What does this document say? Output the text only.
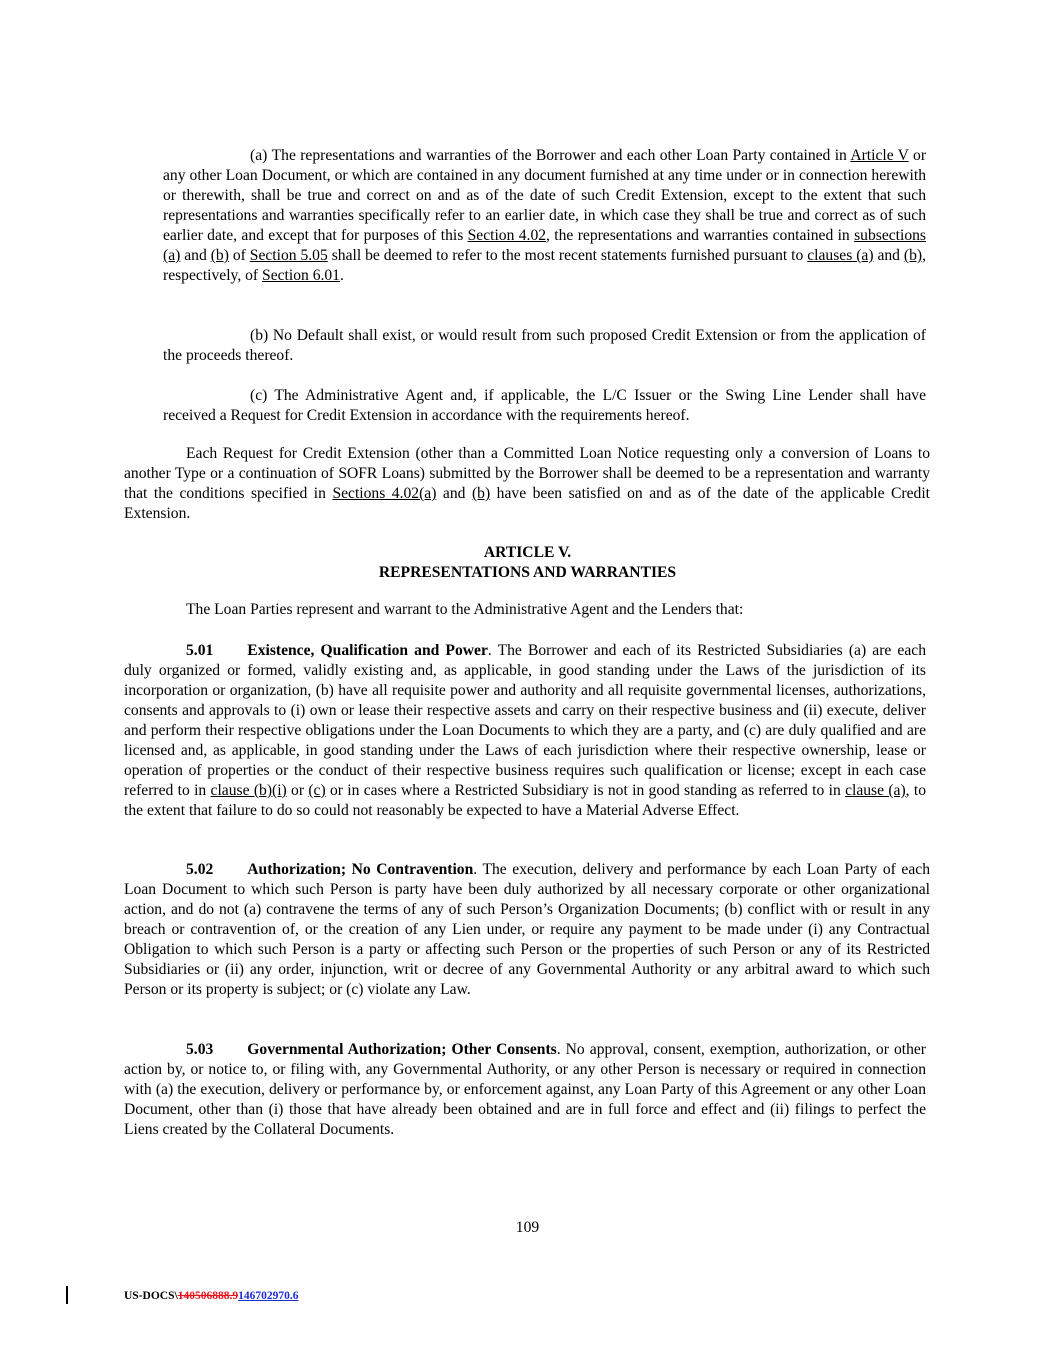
(a) The representations and warranties of the Borrower and each other Loan Party contained in Article V or any other Loan Document, or which are contained in any document furnished at any time under or in connection herewith or therewith, shall be true and correct on and as of the date of such Credit Extension, except to the extent that such representations and warranties specifically refer to an earlier date, in which case they shall be true and correct as of such earlier date, and except that for purposes of this Section 4.02, the representations and warranties contained in subsections (a) and (b) of Section 5.05 shall be deemed to refer to the most recent statements furnished pursuant to clauses (a) and (b), respectively, of Section 6.01.

(b) No Default shall exist, or would result from such proposed Credit Extension or from the application of the proceeds thereof.

(c) The Administrative Agent and, if applicable, the L/C Issuer or the Swing Line Lender shall have received a Request for Credit Extension in accordance with the requirements hereof.

Each Request for Credit Extension (other than a Committed Loan Notice requesting only a conversion of Loans to another Type or a continuation of SOFR Loans) submitted by the Borrower shall be deemed to be a representation and warranty that the conditions specified in Sections 4.02(a) and (b) have been satisfied on and as of the date of the applicable Credit Extension.

ARTICLE V.
REPRESENTATIONS AND WARRANTIES

The Loan Parties represent and warrant to the Administrative Agent and the Lenders that:

5.01 Existence, Qualification and Power. The Borrower and each of its Restricted Subsidiaries (a) are each duly organized or formed, validly existing and, as applicable, in good standing under the Laws of the jurisdiction of its incorporation or organization, (b) have all requisite power and authority and all requisite governmental licenses, authorizations, consents and approvals to (i) own or lease their respective assets and carry on their respective business and (ii) execute, deliver and perform their respective obligations under the Loan Documents to which they are a party, and (c) are duly qualified and are licensed and, as applicable, in good standing under the Laws of each jurisdiction where their respective ownership, lease or operation of properties or the conduct of their respective business requires such qualification or license; except in each case referred to in clause (b)(i) or (c) or in cases where a Restricted Subsidiary is not in good standing as referred to in clause (a), to the extent that failure to do so could not reasonably be expected to have a Material Adverse Effect.

5.02 Authorization; No Contravention. The execution, delivery and performance by each Loan Party of each Loan Document to which such Person is party have been duly authorized by all necessary corporate or other organizational action, and do not (a) contravene the terms of any of such Person’s Organization Documents; (b) conflict with or result in any breach or contravention of, or the creation of any Lien under, or require any payment to be made under (i) any Contractual Obligation to which such Person is a party or affecting such Person or the properties of such Person or any of its Restricted Subsidiaries or (ii) any order, injunction, writ or decree of any Governmental Authority or any arbitral award to which such Person or its property is subject; or (c) violate any Law.

5.03 Governmental Authorization; Other Consents. No approval, consent, exemption, authorization, or other action by, or notice to, or filing with, any Governmental Authority, or any other Person is necessary or required in connection with (a) the execution, delivery or performance by, or enforcement against, any Loan Party of this Agreement or any other Loan Document, other than (i) those that have already been obtained and are in full force and effect and (ii) filings to perfect the Liens created by the Collateral Documents.

109
US-DOCS\140506888.9146702970.6
